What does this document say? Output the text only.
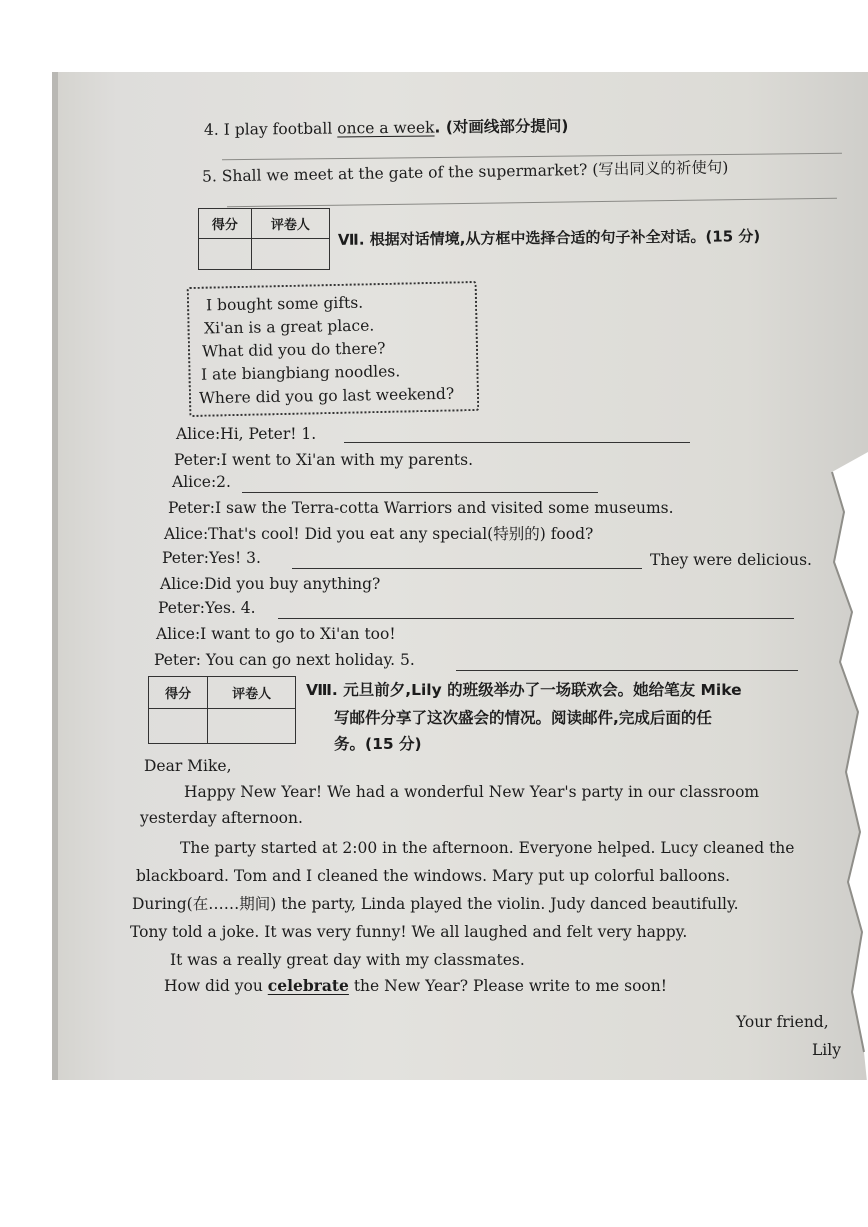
4. I play football once a week. (对画线部分提问)
5. Shall we meet at the gate of the supermarket? (写出同义的祈使句)
得分	评卷人

Ⅶ. 根据对话情境,从方框中选择合适的句子补全对话。(15 分)
I bought some gifts.
Xi'an is a great place.
What did you do there?
I ate biangbiang noodles.
Where did you go last weekend?
Alice:Hi, Peter! 1.
Peter:I went to Xi'an with my parents.
Alice:2.
Peter:I saw the Terra-cotta Warriors and visited some museums.
Alice:That's cool! Did you eat any special(特别的) food?
Peter:Yes! 3.	They were delicious.
Alice:Did you buy anything?
Peter:Yes. 4.
Alice:I want to go to Xi'an too!
Peter: You can go next holiday. 5.
得分	评卷人
	Ⅷ. 元旦前夕,Lily 的班级举办了一场联欢会。她给笔友 Mike
写邮件分享了这次盛会的情况。阅读邮件,完成后面的任
务。(15 分)
Dear Mike,
Happy New Year! We had a wonderful New Year's party in our classroom
yesterday afternoon.
The party started at 2:00 in the afternoon. Everyone helped. Lucy cleaned the
blackboard. Tom and I cleaned the windows. Mary put up colorful balloons.
During(在……期间) the party, Linda played the violin. Judy danced beautifully.
Tony told a joke. It was very funny! We all laughed and felt very happy.
It was a really great day with my classmates.
How did you celebrate the New Year? Please write to me soon!
Your friend,
Lily
